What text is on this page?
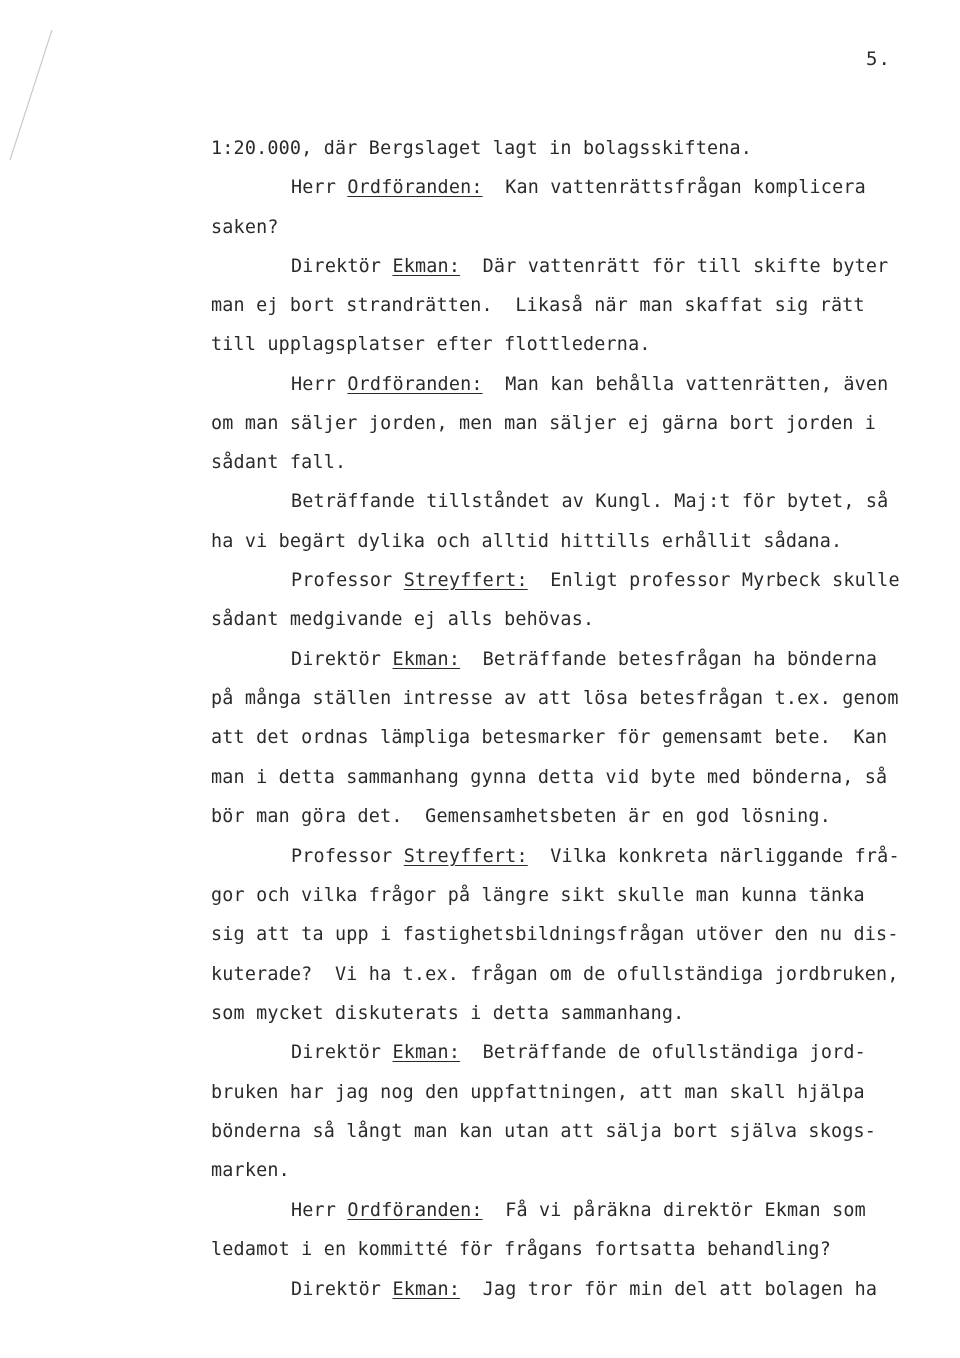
5.
1:20.000, där Bergslaget lagt in bolagsskiftena.
Herr Ordföranden: Kan vattenrättsfrågan komplicera
saken?
Direktör Ekman: Där vattenrätt för till skifte byter
man ej bort strandrätten.  Likaså när man skaffat sig rätt
till upplagsplatser efter flottlederna.
Herr Ordföranden: Man kan behålla vattenrätten, även
om man säljer jorden, men man säljer ej gärna bort jorden i
sådant fall.
Beträffande tillståndet av Kungl. Maj:t för bytet, så
ha vi begärt dylika och alltid hittills erhållit sådana.
Professor Streyffert: Enligt professor Myrbeck skulle
sådant medgivande ej alls behövas.
Direktör Ekman: Beträffande betesfrågan ha bönderna
på många ställen intresse av att lösa betesfrågan t.ex. genom
att det ordnas lämpliga betesmarker för gemensamt bete.  Kan
man i detta sammanhang gynna detta vid byte med bönderna, så
bör man göra det.  Gemensamhetsbeten är en god lösning.
Professor Streyffert: Vilka konkreta närliggande frå-
gor och vilka frågor på längre sikt skulle man kunna tänka
sig att ta upp i fastighetsbildningsfrågan utöver den nu dis-
kuterade?  Vi ha t.ex. frågan om de ofullständiga jordbruken,
som mycket diskuterats i detta sammanhang.
Direktör Ekman: Beträffande de ofullständiga jord-
bruken har jag nog den uppfattningen, att man skall hjälpa
bönderna så långt man kan utan att sälja bort själva skogs-
marken.
Herr Ordföranden: Få vi påräkna direktör Ekman som
ledamot i en kommitté för frågans fortsatta behandling?
Direktör Ekman: Jag tror för min del att bolagen ha
